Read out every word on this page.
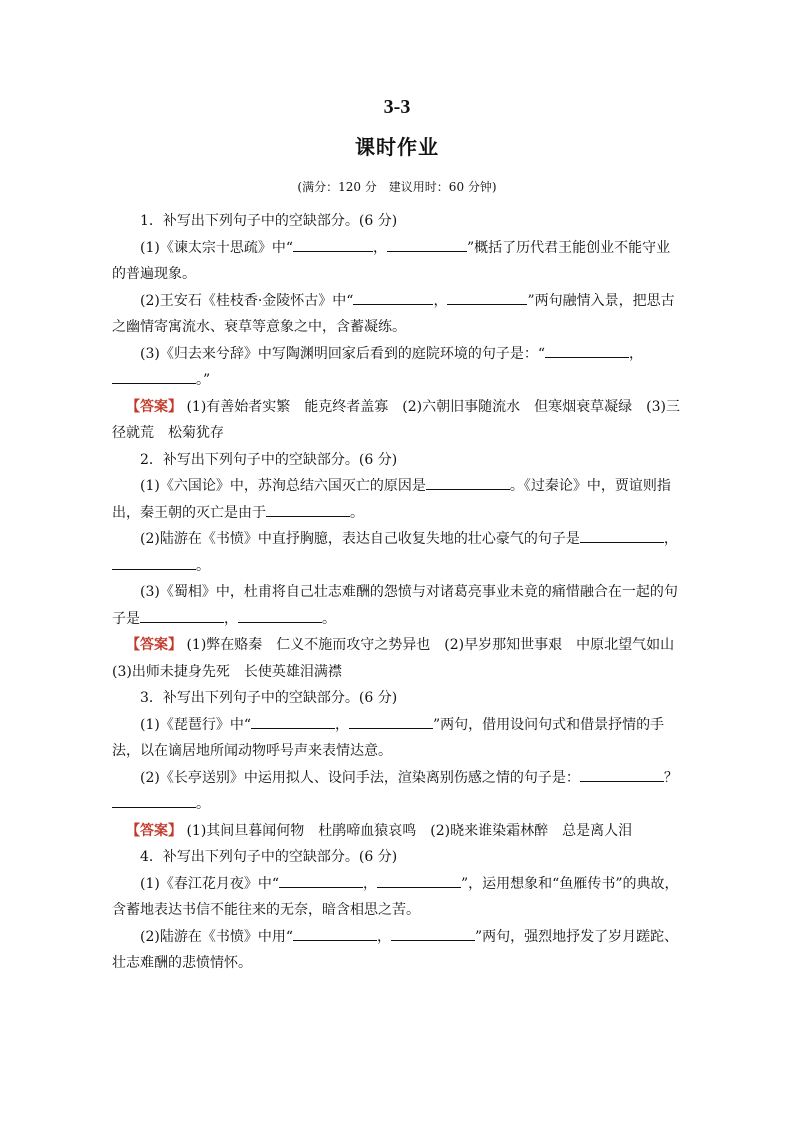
3-3
课时作业
(满分：120 分　建议用时：60 分钟)

1．补写出下列句子中的空缺部分。(6 分)

(1)《谏太宗十思疏》中“	，	”概括了历代君王能创业不能守业的普遍现象。

(2)王安石《桂枝香·金陵怀古》中“	，	”两句融情入景，把思古之幽情寄寓流水、衰草等意象之中，含蓄凝练。

(3)《归去来兮辞》中写陶渊明回家后看到的庭院环境的句子是：“	，。”

【答案】 (1)有善始者实繁　能克终者盖寡　(2)六朝旧事随流水　但寒烟衰草凝绿　(3)三径就荒　松菊犹存

2．补写出下列句子中的空缺部分。(6 分)

(1)《六国论》中，苏洵总结六国灭亡的原因是	。《过秦论》中，贾谊则指出，秦王朝的灭亡是由于	。

(2)陆游在《书愤》中直抒胸臆，表达自己收复失地的壮心豪气的句子是	，。

(3)《蜀相》中，杜甫将自己壮志难酬的怨愤与对诸葛亮事业未竟的痛惜融合在一起的句子是	，	。

【答案】 (1)弊在赂秦　仁义不施而攻守之势异也　(2)早岁那知世事艰　中原北望气如山　(3)出师未捷身先死　长使英雄泪满襟

3．补写出下列句子中的空缺部分。(6 分)

(1)《琵琶行》中“	，	”两句，借用设问句式和借景抒情的手法，以在谪居地所闻动物呼号声来表情达意。

(2)《长亭送别》中运用拟人、设问手法，渲染离别伤感之情的句子是：	？。

【答案】 (1)其间旦暮闻何物　杜鹃啼血猿哀鸣　(2)晓来谁染霜林醉　总是离人泪

4．补写出下列句子中的空缺部分。(6 分)

(1)《春江花月夜》中“	，	”，运用想象和“鱼雁传书”的典故，含蓄地表达书信不能往来的无奈，暗含相思之苦。

(2)陆游在《书愤》中用“	，	”两句，强烈地抒发了岁月蹉跎、壮志难酬的悲愤情怀。
